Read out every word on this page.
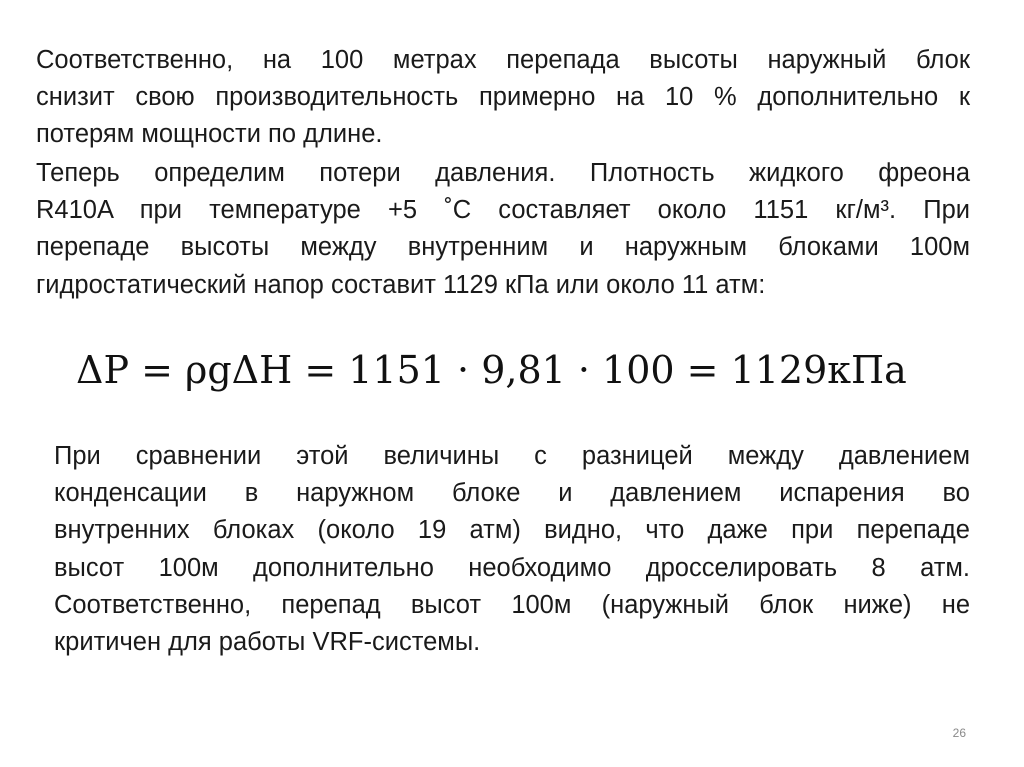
Соответственно, на 100 метрах перепада высоты наружный блок
снизит свою производительность примерно на 10 % дополнительно к
потерям мощности по длине.
Теперь определим потери давления. Плотность жидкого фреона
R410A при температуре +5 ˚С составляет около 1151 кг/м³. При
перепаде высоты между внутренним и наружным блоками 100м
гидростатический напор составит 1129 кПа или около 11 атм:
ΔP = ρgΔH = 1151 · 9,81 · 100 = 1129кПа
При сравнении этой величины с разницей между давлением
конденсации в наружном блоке и давлением испарения во
внутренних блоках (около 19 атм) видно, что даже при перепаде
высот 100м дополнительно необходимо дросселировать 8 атм.
Соответственно, перепад высот 100м (наружный блок ниже) не
критичен для работы VRF-системы.
26
